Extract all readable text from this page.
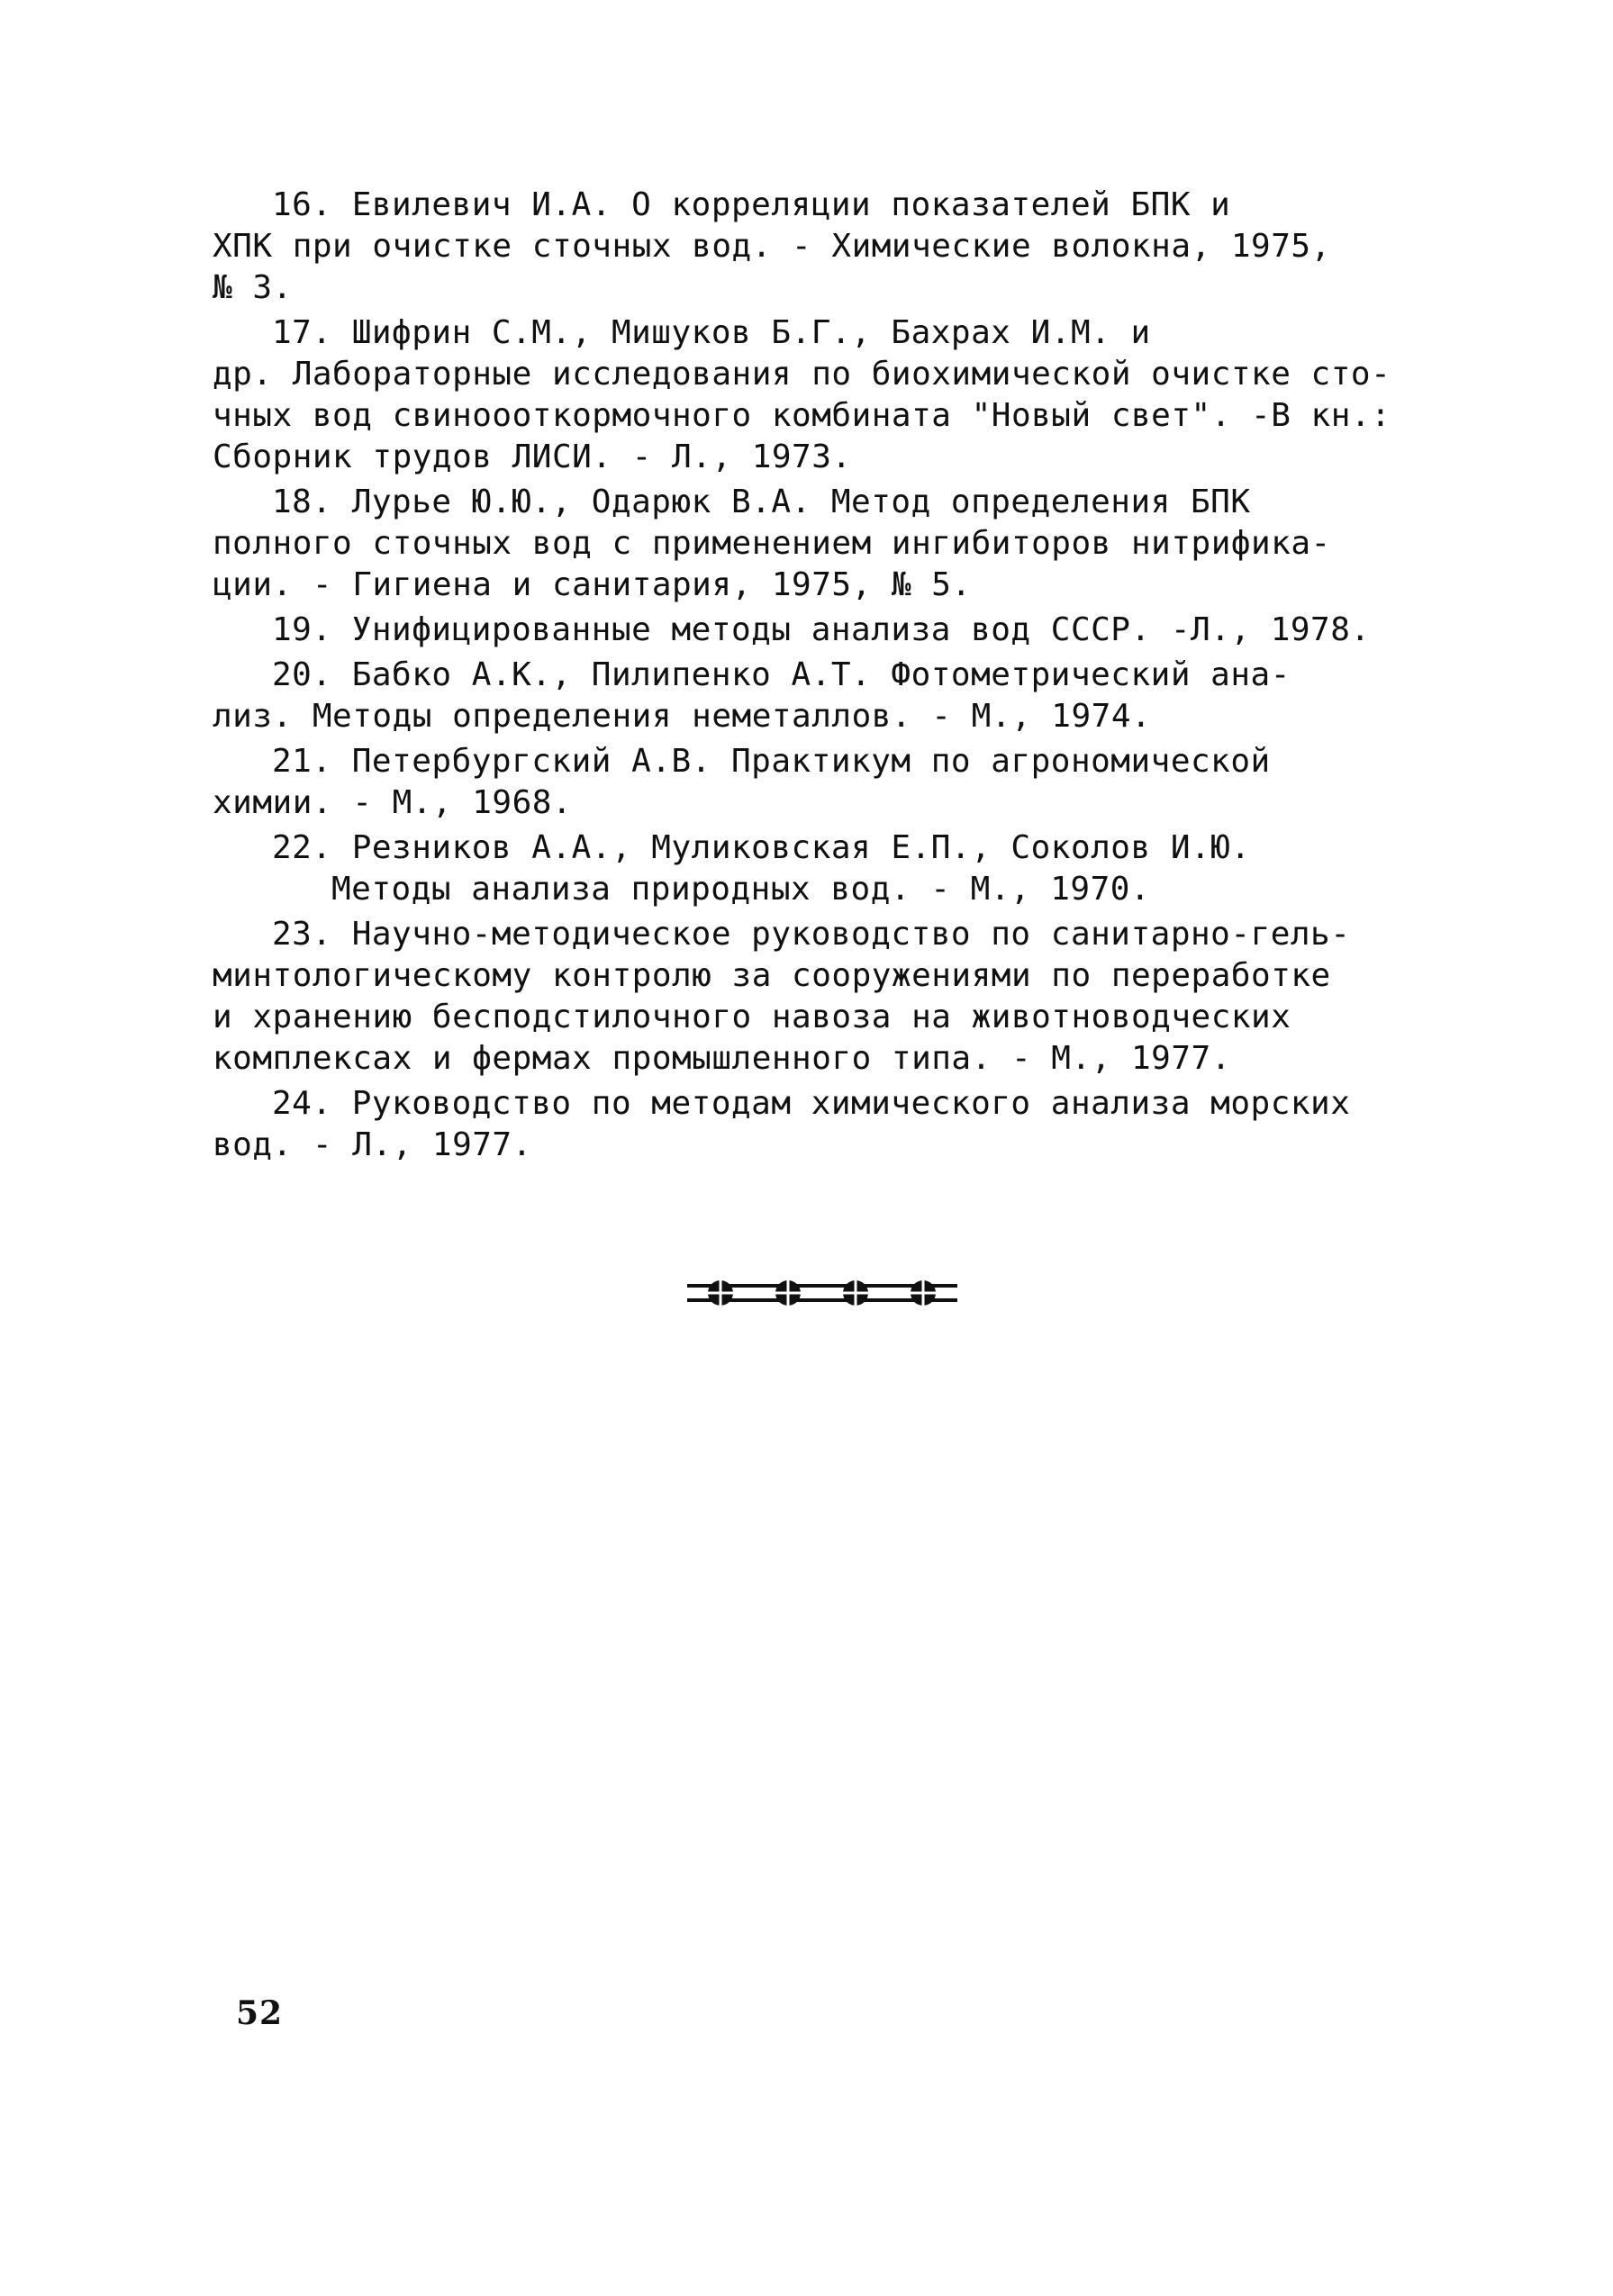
16. Евилевич И.А. О корреляции показателей БПК и
ХПК при очистке сточных вод. - Химические волокна, 1975,
№ 3.
17. Шифрин С.М., Мишуков Б.Г., Бахрах И.М. и
др. Лабораторные исследования по биохимической очистке сто-
чных вод свиноооткормочного комбината "Новый свет". -В кн.:
Сборник трудов ЛИСИ. - Л., 1973.
18. Лурье Ю.Ю., Одарюк В.А. Метод определения БПК
полного сточных вод с применением ингибиторов нитрифика-
ции. - Гигиена и санитария, 1975, № 5.
19. Унифицированные методы анализа вод СССР. -Л., 1978.
20. Бабко А.К., Пилипенко А.Т. Фотометрический ана-
лиз. Методы определения неметаллов. - М., 1974.
21. Петербургский А.В. Практикум по агрономической
химии. - М., 1968.
22. Резников А.А., Муликовская Е.П., Соколов И.Ю.
Методы анализа природных вод. - М., 1970.
23. Научно-методическое руководство по санитарно-гель-
минтологическому контролю за сооружениями по переработке
и хранению бесподстилочного навоза на животноводческих
комплексах и фермах промышленного типа. - М., 1977.
24. Руководство по методам химического анализа морских
вод. - Л., 1977.
52
